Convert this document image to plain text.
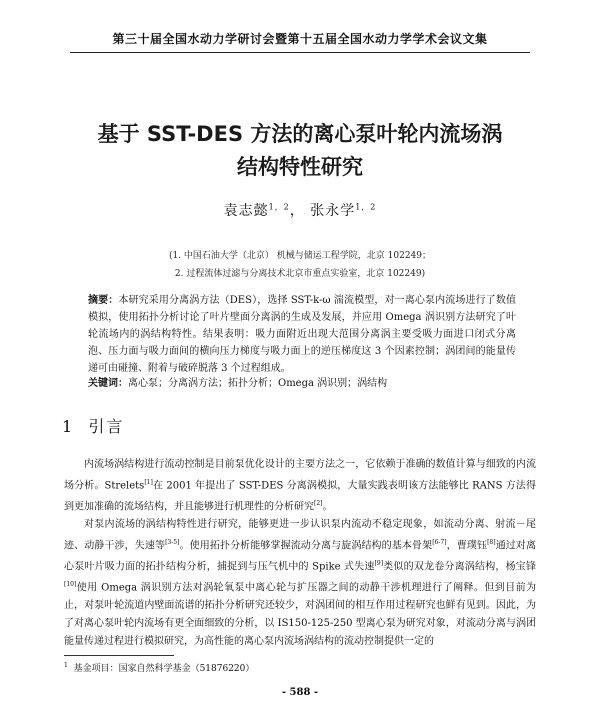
第三十届全国水动力学研讨会暨第十五届全国水动力学学术会议文集
基于 SST-DES 方法的离心泵叶轮内流场涡
结构特性研究
袁志懿$^{1,2}$， 张永学$^{1,2}$
(1. 中国石油大学（北京） 机械与储运工程学院，北京 102249；
2. 过程流体过滤与分离技术北京市重点实验室，北京 102249)
摘要：本研究采用分离涡方法（DES），选择 SST-k-ω 湍流模型，对一离心泵内流场进行了数值模拟，使用拓扑分析讨论了叶片壁面分离涡的生成及发展，并应用 Omega 涡识别方法研究了叶轮流场内的涡结构特性。结果表明：吸力面附近出现大范围分离涡主要受吸力面进口闭式分离泡、压力面与吸力面间的横向压力梯度与吸力面上的逆压梯度这 3 个因素控制；涡团间的能量传递可由碰撞、附着与破碎脱落 3 个过程组成。
关键词：离心泵；分离涡方法；拓扑分析；Omega 涡识别；涡结构
1 引言

内流场涡结构进行流动控制是目前泵优化设计的主要方法之一，它依赖于准确的数值计算与细致的内流场分析。Strelets[1]在 2001 年提出了 SST-DES 分离涡模拟，大量实践表明该方法能够比 RANS 方法得到更加准确的流场结构，并且能够进行机理性的分析研究[2]。

对泵内流场的涡结构特性进行研究，能够更进一步认识泵内流动不稳定现象，如流动分离、射流－尾迹、动静干涉，失速等[3-5]。使用拓扑分析能够掌握流动分离与旋涡结构的基本骨架[6-7]，曹璞钰[8]通过对离心泵叶片吸力面的拓扑结构分析，捕捉到与压气机中的 Spike 式失速[9]类似的双龙卷分离涡结构，杨宝锋[10]使用 Omega 涡识别方法对涡轮氧泵中离心轮与扩压器之间的动静干涉机理进行了阐释。但到目前为止，对泵叶轮流道内壁面流谱的拓扑分析研究还较少，对涡团间的相互作用过程研究也鲜有见到。因此，为了对离心泵叶轮内流场有更全面细致的分析，以 IS150-125-250 型离心泵为研究对象，对流动分离与涡团能量传递过程进行模拟研究，为高性能的离心泵内流场涡结构的流动控制提供一定的

$^1$ 基金项目：国家自然科学基金（51876220）
- 588 -
